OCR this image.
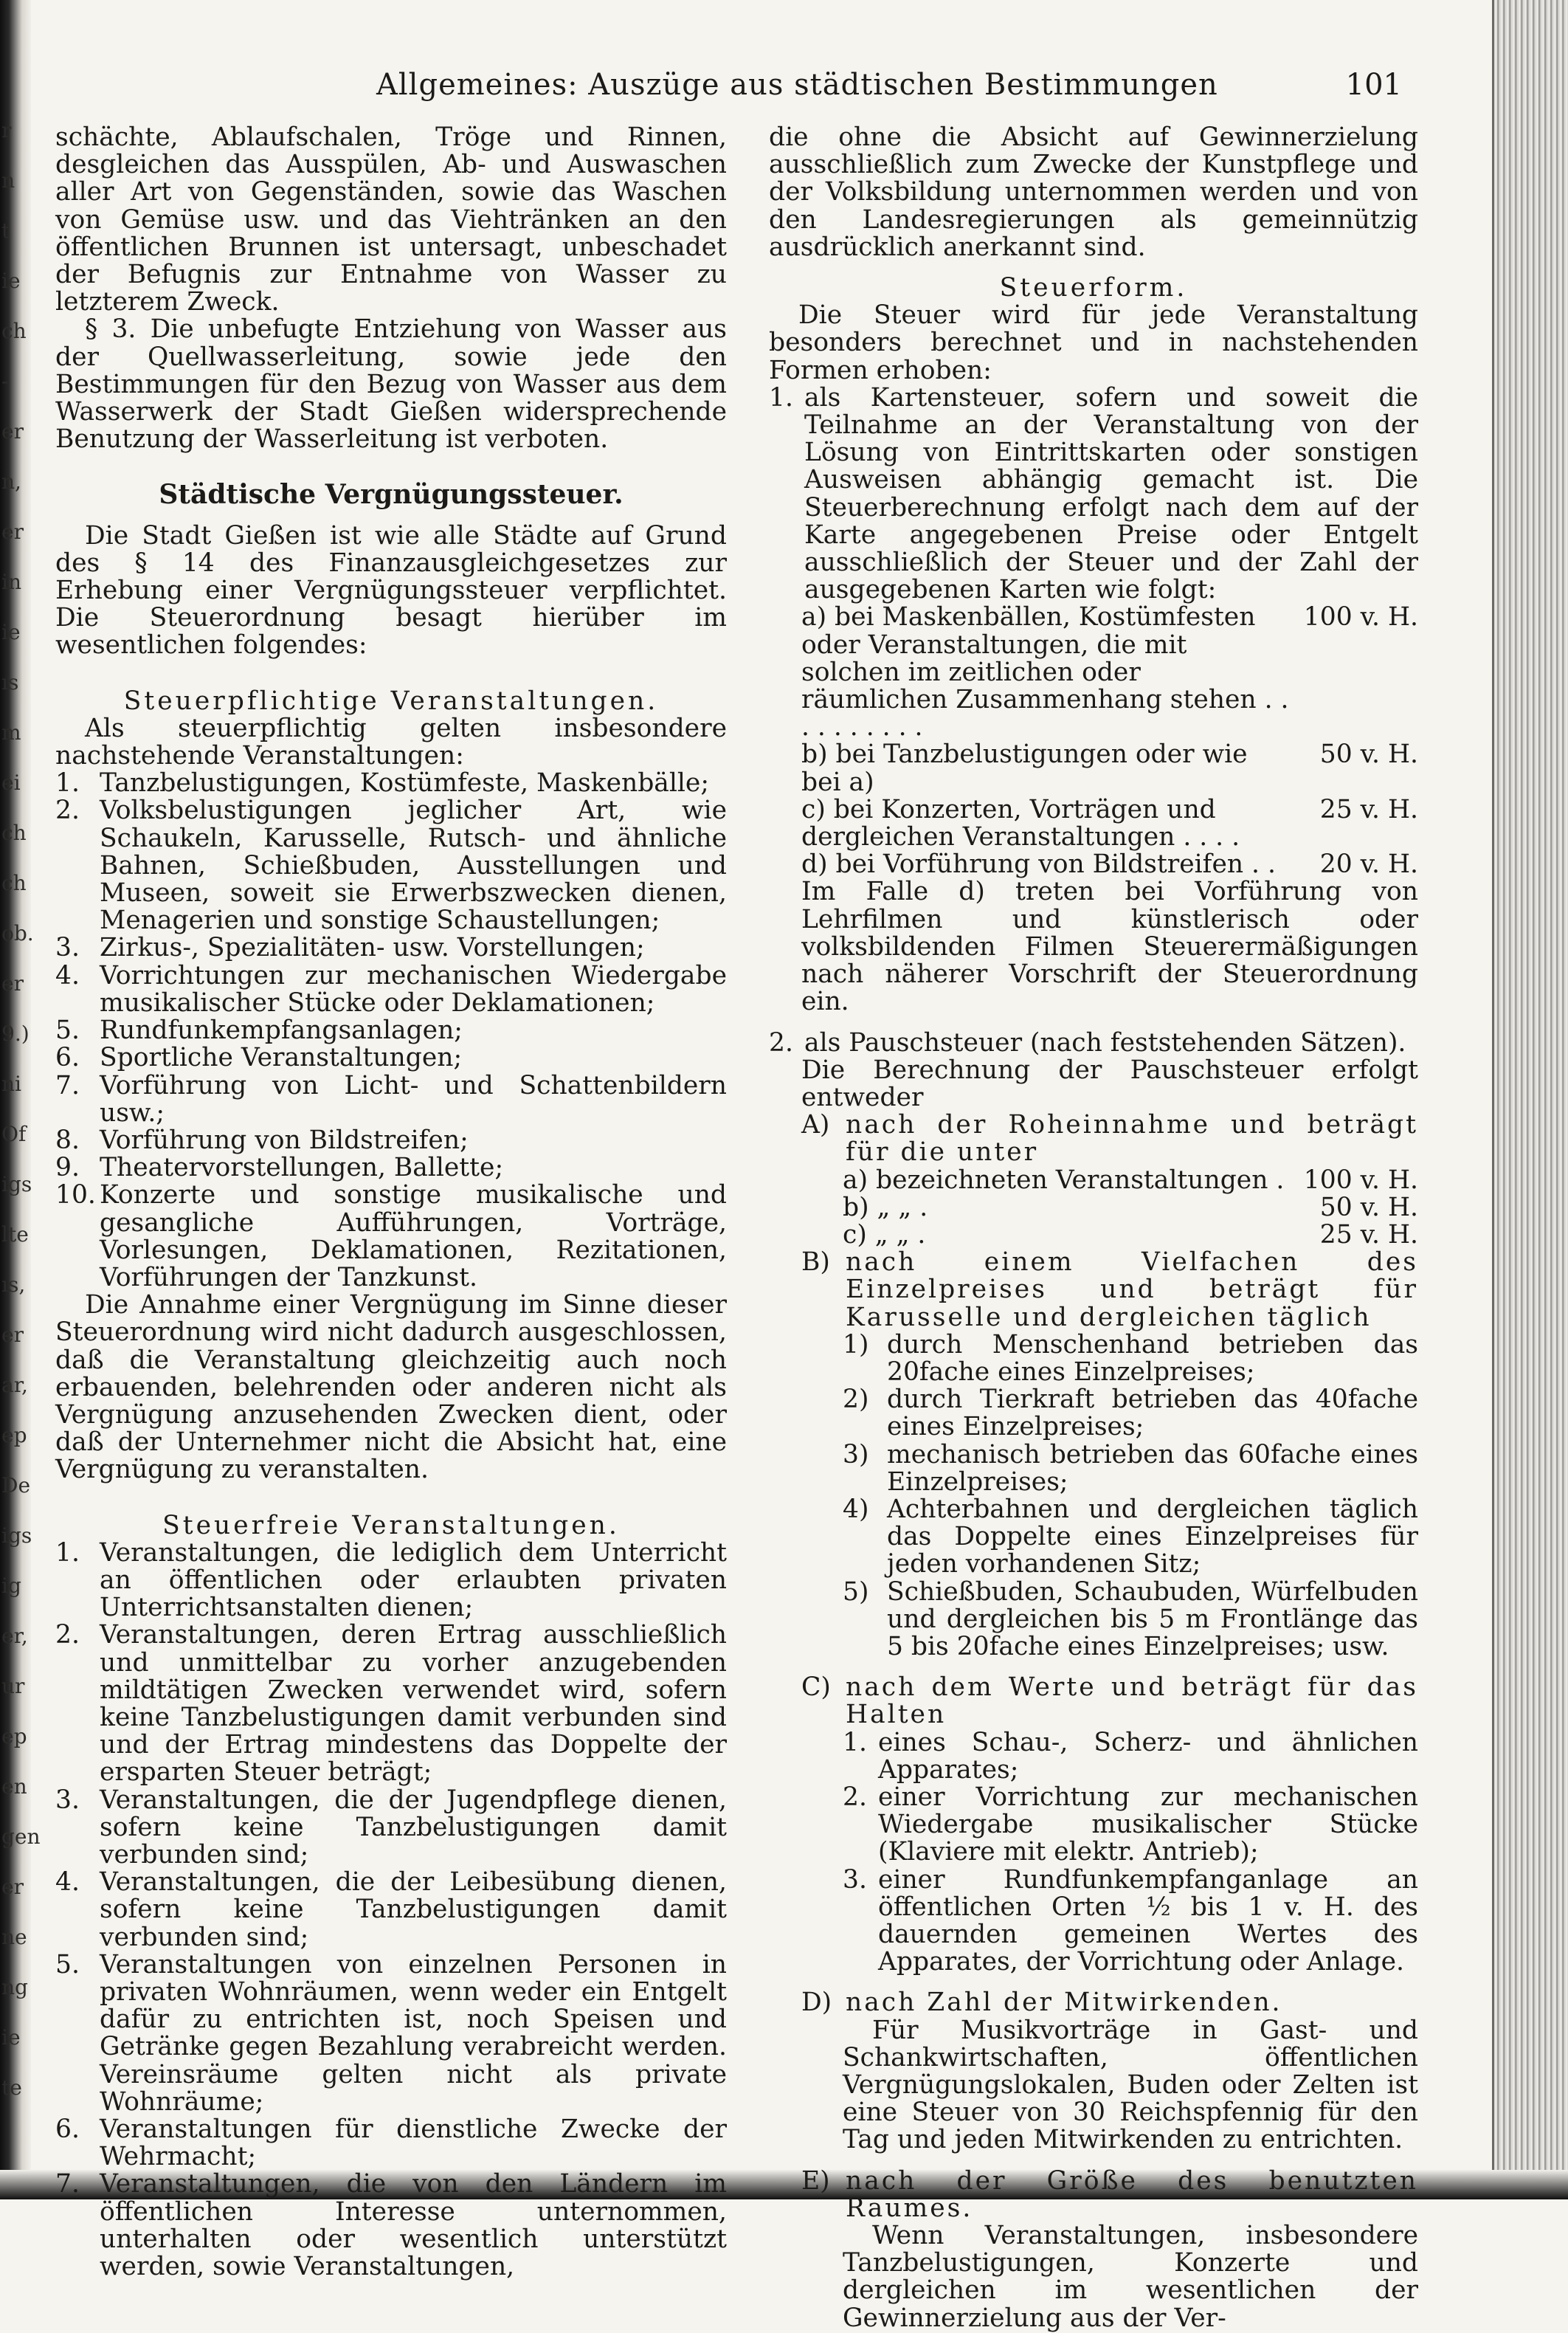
r
n
t
ie
ch
-
er
n,
er
in
ie
ıs
m
ei
ch
ch
ob.
er
9.)
ni
Of
igs
lte
ıs,
er
ar,
ep
De
igs
ig
er,
ur
ep
en
gen
er
ne
ng
ie
te
Allgemeines: Auszüge aus städtischen Bestimmungen	101

schächte, Ablaufschalen, Tröge und Rinnen, desgleichen das Ausspülen, Ab- und Auswaschen aller Art von Gegenständen, sowie das Waschen von Gemüse usw. und das Viehtränken an den öffentlichen Brunnen ist untersagt, unbeschadet der Befugnis zur Entnahme von Wasser zu letzterem Zweck.

§ 3. Die unbefugte Entziehung von Wasser aus der Quellwasserleitung, sowie jede den Bestimmungen für den Bezug von Wasser aus dem Wasserwerk der Stadt Gießen widersprechende Benutzung der Wasserleitung ist verboten.

Städtische Vergnügungssteuer.

Die Stadt Gießen ist wie alle Städte auf Grund des § 14 des Finanzausgleichgesetzes zur Erhebung einer Vergnügungssteuer verpflichtet. Die Steuerordnung besagt hierüber im wesentlichen folgendes:

Steuerpflichtige Veranstaltungen.

Als steuerpflichtig gelten insbesondere nachstehende Veranstaltungen:

1. Tanzbelustigungen, Kostümfeste, Maskenbälle;
2. Volksbelustigungen jeglicher Art, wie Schaukeln, Karusselle, Rutsch- und ähnliche Bahnen, Schießbuden, Ausstellungen und Museen, soweit sie Erwerbszwecken dienen, Menagerien und sonstige Schaustellungen;
3. Zirkus-, Spezialitäten- usw. Vorstellungen;
4. Vorrichtungen zur mechanischen Wiedergabe musikalischer Stücke oder Deklamationen;
5. Rundfunkempfangsanlagen;
6. Sportliche Veranstaltungen;
7. Vorführung von Licht- und Schattenbildern usw.;
8. Vorführung von Bildstreifen;
9. Theatervorstellungen, Ballette;
10. Konzerte und sonstige musikalische und gesangliche Aufführungen, Vorträge, Vorlesungen, Deklamationen, Rezitationen, Vorführungen der Tanzkunst.

Die Annahme einer Vergnügung im Sinne dieser Steuerordnung wird nicht dadurch ausgeschlossen, daß die Veranstaltung gleichzeitig auch noch erbauenden, belehrenden oder anderen nicht als Vergnügung anzusehenden Zwecken dient, oder daß der Unternehmer nicht die Absicht hat, eine Vergnügung zu veranstalten.

Steuerfreie Veranstaltungen.

1. Veranstaltungen, die lediglich dem Unterricht an öffentlichen oder erlaubten privaten Unterrichtsanstalten dienen;
2. Veranstaltungen, deren Ertrag ausschließlich und unmittelbar zu vorher anzugebenden mildtätigen Zwecken verwendet wird, sofern keine Tanzbelustigungen damit verbunden sind und der Ertrag mindestens das Doppelte der ersparten Steuer beträgt;
3. Veranstaltungen, die der Jugendpflege dienen, sofern keine Tanzbelustigungen damit verbunden sind;
4. Veranstaltungen, die der Leibesübung dienen, sofern keine Tanzbelustigungen damit verbunden sind;
5. Veranstaltungen von einzelnen Personen in privaten Wohnräumen, wenn weder ein Entgelt dafür zu entrichten ist, noch Speisen und Getränke gegen Bezahlung verabreicht werden. Vereinsräume gelten nicht als private Wohnräume;
6. Veranstaltungen für dienstliche Zwecke der Wehrmacht;
7. Veranstaltungen, die von den Ländern im öffentlichen Interesse unternommen, unterhalten oder wesentlich unterstützt werden, sowie Veranstaltungen,

die ohne die Absicht auf Gewinnerzielung ausschließlich zum Zwecke der Kunstpflege und der Volksbildung unternommen werden und von den Landesregierungen als gemeinnützig ausdrücklich anerkannt sind.

Steuerform.

Die Steuer wird für jede Veranstaltung besonders berechnet und in nachstehenden Formen erhoben:

1. als Kartensteuer, sofern und soweit die Teilnahme an der Veranstaltung von der Lösung von Eintrittskarten oder sonstigen Ausweisen abhängig gemacht ist. Die Steuerberechnung erfolgt nach dem auf der Karte angegebenen Preise oder Entgelt ausschließlich der Steuer und der Zahl der ausgegebenen Karten wie folgt:
a) bei Maskenbällen, Kostümfesten oder Veranstaltungen, die mit solchen im zeitlichen oder räumlichen Zusammenhang stehen . . . . . . . . . .
100 v. H.
b) bei Tanzbelustigungen oder wie bei a)
50 v. H.
c) bei Konzerten, Vorträgen und dergleichen Veranstaltungen . . . .
25 v. H.
d) bei Vorführung von Bildstreifen . .	20 v. H.

Im Falle d) treten bei Vorführung von Lehrfilmen und künstlerisch oder volksbildenden Filmen Steuerermäßigungen nach näherer Vorschrift der Steuerordnung ein.

2. als Pauschsteuer (nach feststehenden Sätzen).

Die Berechnung der Pauschsteuer erfolgt entweder

A) nach der Roheinnahme und beträgt für die unter
a) bezeichneten Veranstaltungen . 100 v. H.
b) „ „ .	50 v. H.
c) „ „ .	25 v. H.
B) nach einem Vielfachen des Einzelpreises und beträgt für Karusselle und dergleichen täglich
1) durch Menschenhand betrieben das 20fache eines Einzelpreises;
2) durch Tierkraft betrieben das 40fache eines Einzelpreises;
3) mechanisch betrieben das 60fache eines Einzelpreises;
4) Achterbahnen und dergleichen täglich das Doppelte eines Einzelpreises für jeden vorhandenen Sitz;
5) Schießbuden, Schaubuden, Würfelbuden und dergleichen bis 5 m Frontlänge das 5 bis 20fache eines Einzelpreises; usw.
C) nach dem Werte und beträgt für das Halten
1. eines Schau-, Scherz- und ähnlichen Apparates;
2. einer Vorrichtung zur mechanischen Wiedergabe musikalischer Stücke (Klaviere mit elektr. Antrieb);
3. einer Rundfunkempfanganlage an öffentlichen Orten ½ bis 1 v. H. des dauernden gemeinen Wertes des Apparates, der Vorrichtung oder Anlage.
D) nach Zahl der Mitwirkenden.

Für Musikvorträge in Gast- und Schankwirtschaften, öffentlichen Vergnügungslokalen, Buden oder Zelten ist eine Steuer von 30 Reichspfennig für den Tag und jeden Mitwirkenden zu entrichten.

E) nach der Größe des benutzten Raumes.

Wenn Veranstaltungen, insbesondere Tanzbelustigungen, Konzerte und dergleichen im wesentlichen der Gewinnerzielung aus der Ver-
